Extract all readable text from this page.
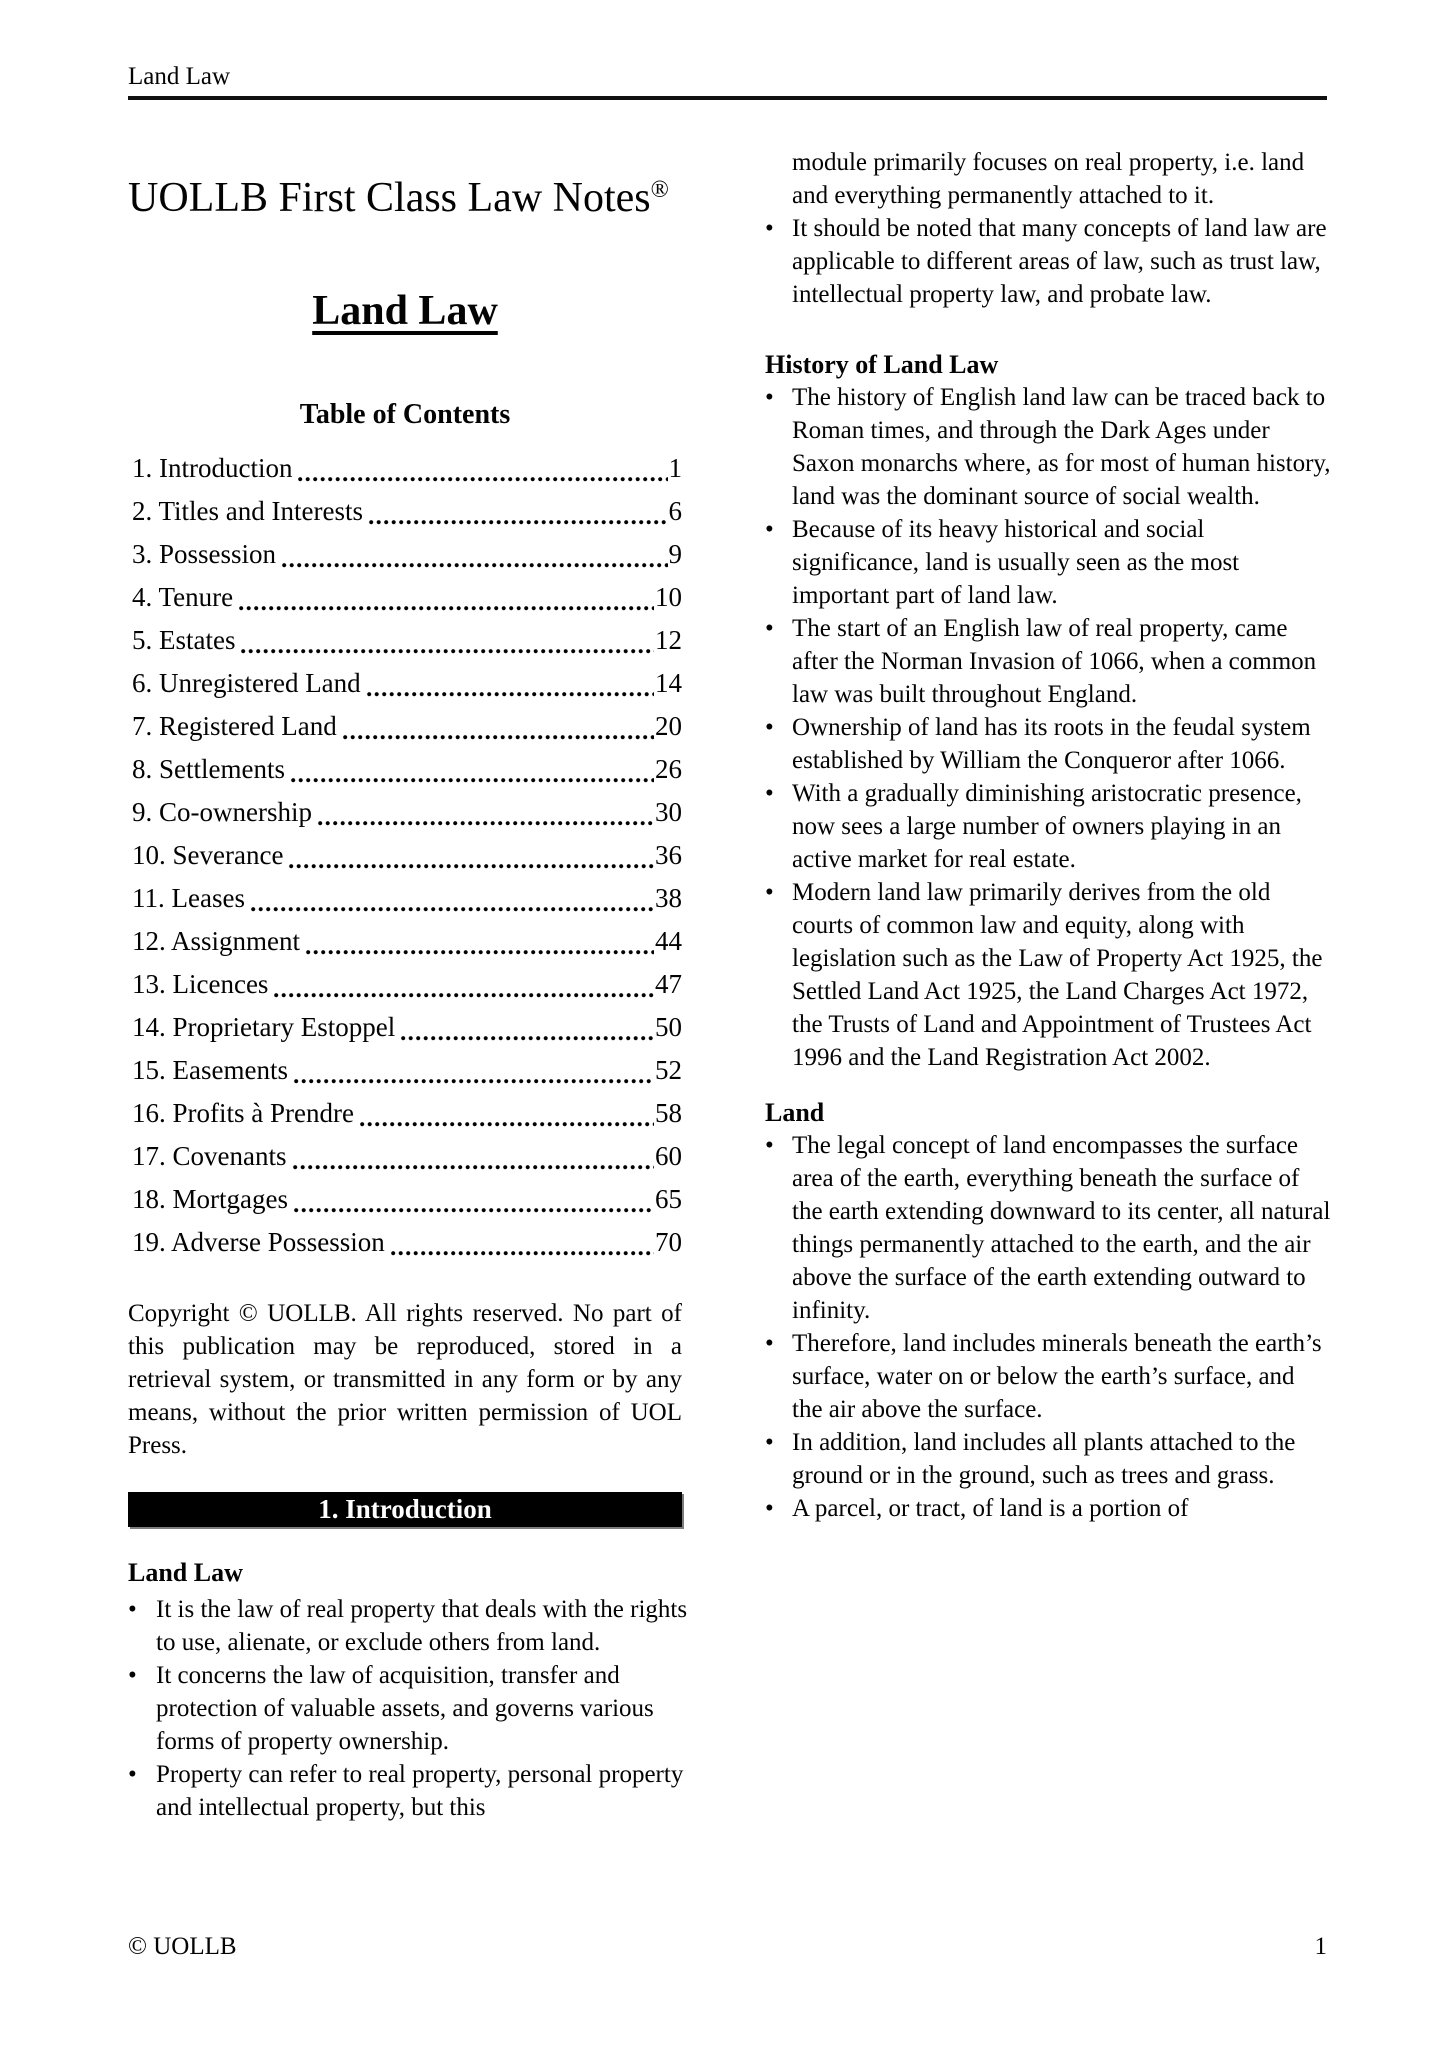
Land Law
UOLLB First Class Law Notes®
Land Law
Table of Contents
1. Introduction	1
2. Titles and Interests	6
3. Possession	9
4. Tenure	10
5. Estates	12
6. Unregistered Land	14
7. Registered Land	20
8. Settlements	26
9. Co-ownership	30
10. Severance	36
11. Leases	38
12. Assignment	44
13. Licences	47
14. Proprietary Estoppel	50
15. Easements	52
16. Profits à Prendre	58
17. Covenants	60
18. Mortgages	65
19. Adverse Possession	70
Copyright © UOLLB. All rights reserved. No part of this publication may be reproduced, stored in a retrieval system, or transmitted in any form or by any means, without the prior written permission of UOL Press.
1. Introduction
Land Law
• It is the law of real property that deals with the rights to use, alienate, or exclude others from land.
• It concerns the law of acquisition, transfer and protection of valuable assets, and governs various forms of property ownership.
• Property can refer to real property, personal property and intellectual property, but this
module primarily focuses on real property, i.e. land and everything permanently attached to it.
• It should be noted that many concepts of land law are applicable to different areas of law, such as trust law, intellectual property law, and probate law.
History of Land Law
• The history of English land law can be traced back to Roman times, and through the Dark Ages under Saxon monarchs where, as for most of human history, land was the dominant source of social wealth.
• Because of its heavy historical and social significance, land is usually seen as the most important part of land law.
• The start of an English law of real property, came after the Norman Invasion of 1066, when a common law was built throughout England.
• Ownership of land has its roots in the feudal system established by William the Conqueror after 1066.
• With a gradually diminishing aristocratic presence, now sees a large number of owners playing in an active market for real estate.
• Modern land law primarily derives from the old courts of common law and equity, along with legislation such as the Law of Property Act 1925, the Settled Land Act 1925, the Land Charges Act 1972, the Trusts of Land and Appointment of Trustees Act 1996 and the Land Registration Act 2002.
Land
• The legal concept of land encompasses the surface area of the earth, everything beneath the surface of the earth extending downward to its center, all natural things permanently attached to the earth, and the air above the surface of the earth extending outward to infinity.
• Therefore, land includes minerals beneath the earth’s surface, water on or below the earth’s surface, and the air above the surface.
• In addition, land includes all plants attached to the ground or in the ground, such as trees and grass.
• A parcel, or tract, of land is a portion of
© UOLLB	1
